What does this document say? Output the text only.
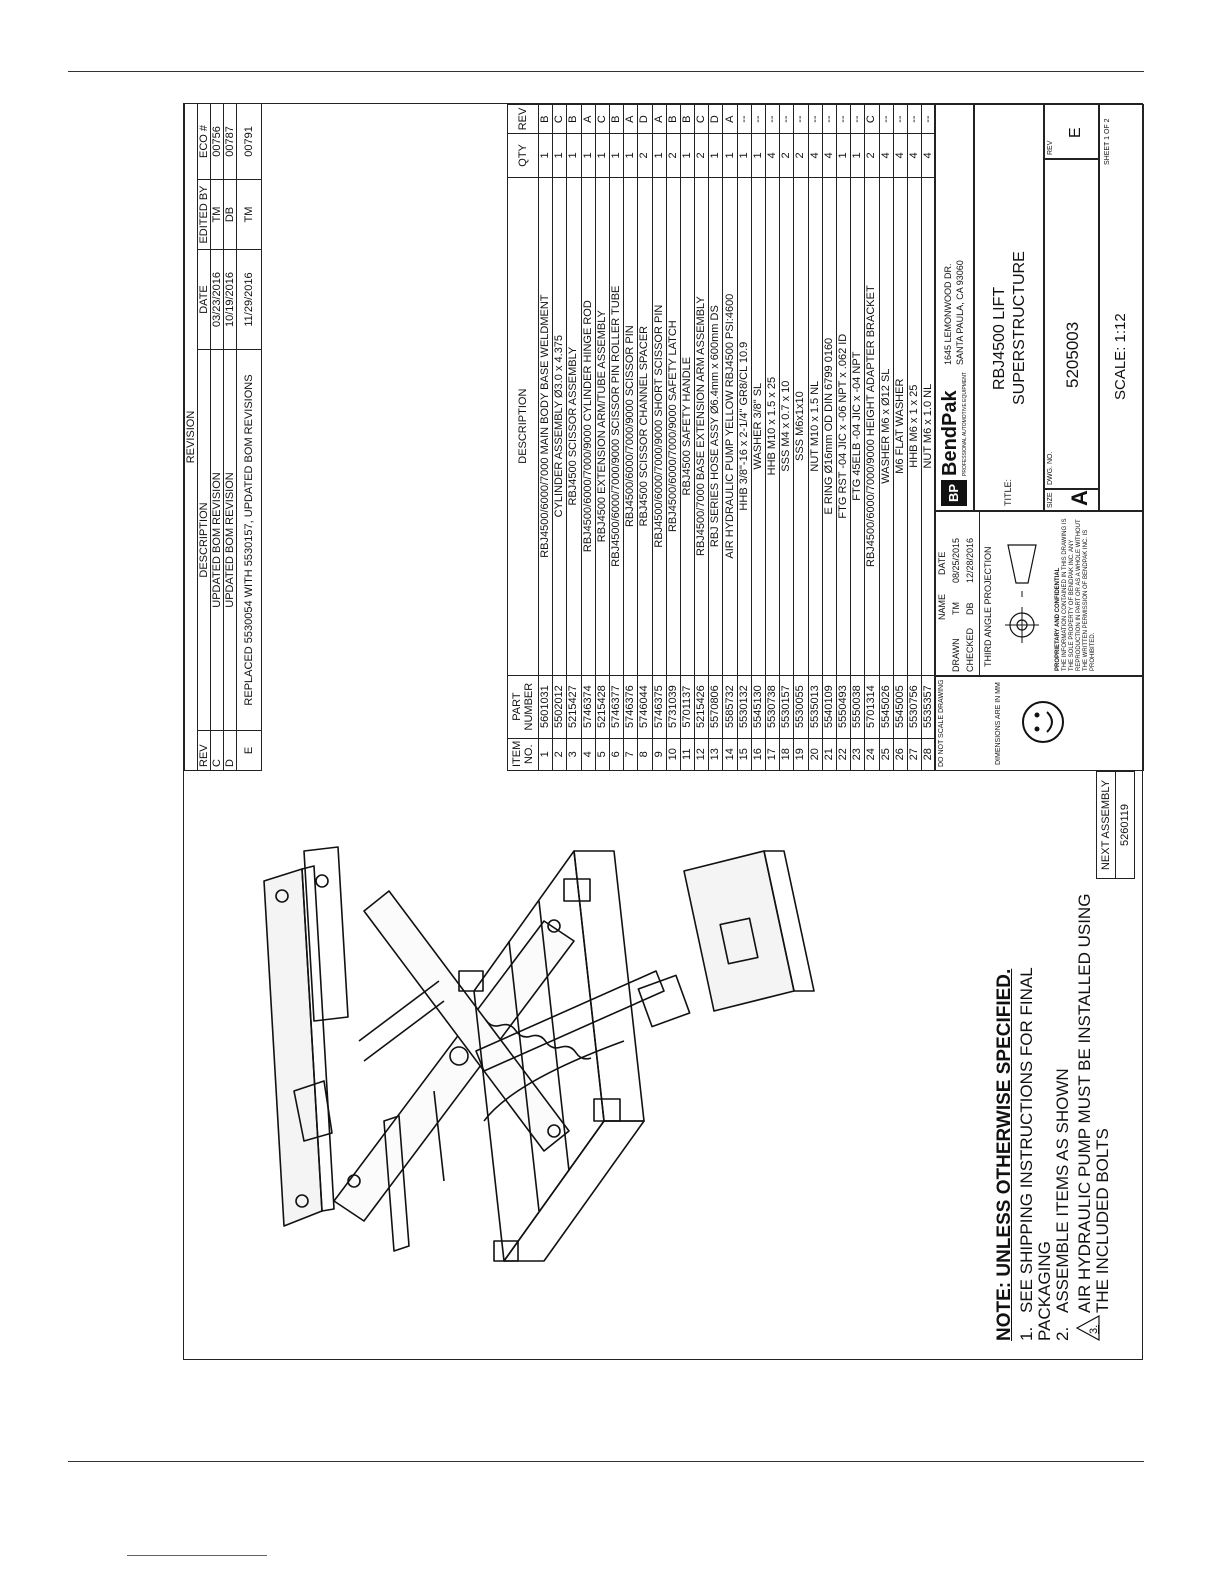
REVISION				
REV	DESCRIPTION	DATE	EDITED BY	ECO #
C	UPDATED BOM REVISION	03/23/2016	TM	00756
D	UPDATED BOM REVISION	10/19/2016	DB	00787
E	REPLACED 5530054 WITH 5530157, UPDATED BOM REVISIONS	11/29/2016	TM	00791
ITEM NO.	PART NUMBER	DESCRIPTION	QTY	REV
1	5601031	RBJ4500/6000/7000 MAIN BODY BASE WELDMENT	1	B
2	5502012	CYLINDER ASSEMBLY Ø3.0 x 4.375	1	C
3	5215427	RBJ4500 SCISSOR ASSEMBLY	1	B
4	5746374	RBJ4500/6000/7000/9000 CYLINDER HINGE ROD	1	A
5	5215428	RBJ4500 EXTENSION ARM/TUBE ASSEMBLY	1	C
6	5746377	RBJ4500/6000/7000/9000 SCISSOR PIN ROLLER TUBE	1	B
7	5746376	RBJ4500/6000/7000/9000 SCISSOR PIN	1	A
8	5746044	RBJ4500 SCISSOR CHANNEL SPACER	2	D
9	5746375	RBJ4500/6000/7000/9000 SHORT SCISSOR PIN	1	A
10	5731039	RBJ4500/6000/7000/9000 SAFETY LATCH	2	B
11	5701137	RBJ4500 SAFETY HANDLE	1	B
12	5215426	RBJ4500/7000 BASE EXTENSION ARM ASSEMBLY	2	C
13	5570806	RBJ SERIES HOSE ASSY Ø6.4mm x 600mm DS	1	D
14	5585732	AIR HYDRAULIC PUMP YELLOW RBJ4500 PSI:4600	1	A
15	5530132	HHB 3/8"-16 x 2-1/4" GR8/CL 10.9	1	--
16	5545130	WASHER 3/8" SL	1	--
17	5530738	HHB M10 x 1.5 x 25	4	--
18	5530157	SSS M4 x 0.7 x 10	2	--
19	5530055	SSS M6x1x10	2	--
20	5535013	NUT M10 x 1.5 NL	4	--
21	5540109	E RING Ø16mm OD DIN 6799 0160	4	--
22	5550493	FTG RST -04 JIC x -06 NPT x .062 ID	1	--
23	5550038	FTG 45ELB -04 JIC x -04 NPT	1	--
24	5701314	RBJ4500/6000/7000/9000 HEIGHT ADAPTER BRACKET	2	C
25	5545026	WASHER M6 x Ø12 SL	4	--
26	5545005	M6 FLAT WASHER	4	--
27	5530756	HHB M6 x 1 x 25	4	--
28	5535357	NUT M6 x 1.0 NL	4	--
DO NOT SCALE DRAWING	DIMENSIONS ARE IN MM
NAME
DATE
DRAWN
TM
08/25/2015
CHECKED
DB
12/28/2016 THIRD ANGLE PROJECTION	PROPRIETARY AND CONFIDENTIAL THE INFORMATION CONTAINED IN THIS DRAWING IS THE SOLE PROPERTY OF BENDPAK INC. ANY REPRODUCTION IN PART OR AS A WHOLE WITHOUT THE WRITTEN PERMISSION OF BENDPAK INC. IS PROHIBITED.
BP
BendPak PROFESSIONAL AUTOMOTIVE EQUIPMENT
1645 LEMONWOOD DR. SANTA PAULA, CA 93060
TITLE:
RBJ4500 LIFT SUPERSTRUCTURE
SIZE A
DWG. NO.
5205003
REV
E
SCALE: 1:12
SHEET 1 OF 2
NEXT ASSEMBLY
5260119
NOTE: UNLESS OTHERWISE SPECIFIED. 1.SEE SHIPPING INSTRUCTIONS FOR FINAL PACKAGING 2.ASSEMBLE ITEMS AS SHOWN
3.
AIR HYDRAULIC PUMP MUST BE INSTALLED USING THE INCLUDED BOLTS
